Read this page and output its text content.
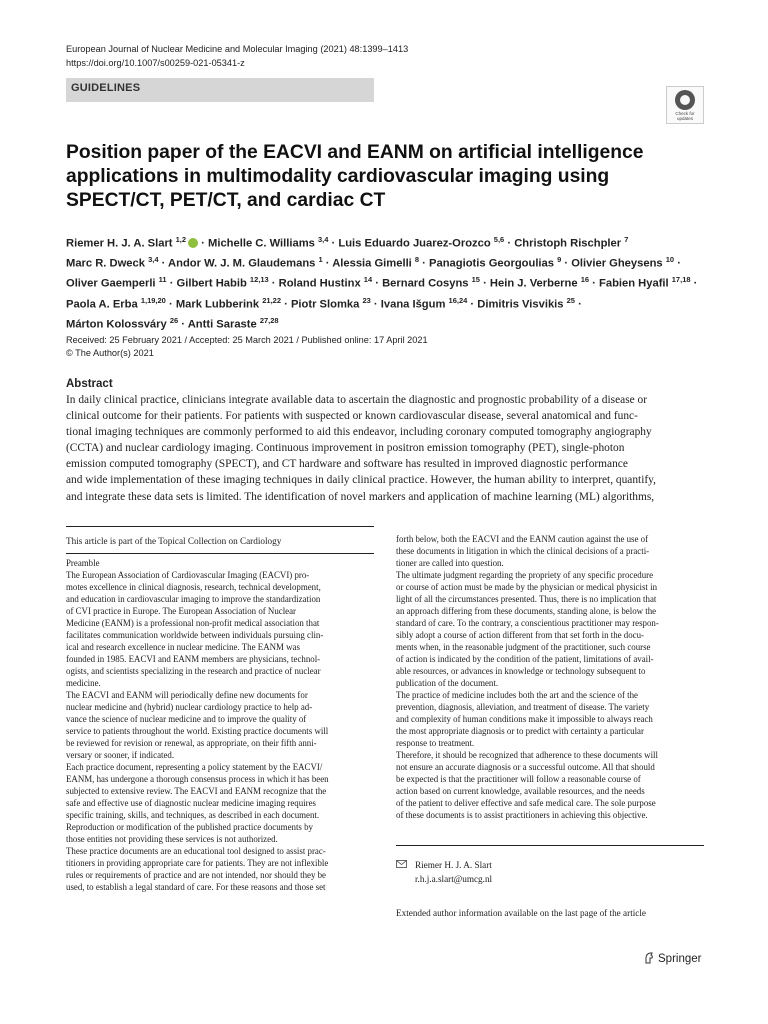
European Journal of Nuclear Medicine and Molecular Imaging (2021) 48:1399–1413
https://doi.org/10.1007/s00259-021-05341-z
GUIDELINES
Check for
updates
Position paper of the EACVI and EANM on artificial intelligence
applications in multimodality cardiovascular imaging using
SPECT/CT, PET/CT, and cardiac CT
Riemer H. J. A. Slart $^{1,2}$ · Michelle C. Williams $^{3,4}$ · Luis Eduardo Juarez-Orozco $^{5,6}$ · Christoph Rischpler $^7$
Marc R. Dweck $^{3,4}$ · Andor W. J. M. Glaudemans $^1$ · Alessia Gimelli $^8$ · Panagiotis Georgoulias $^9$ · Olivier Gheysens $^{10}$ ·
Oliver Gaemperli $^{11}$ · Gilbert Habib $^{12,13}$ · Roland Hustinx $^{14}$ · Bernard Cosyns $^{15}$ · Hein J. Verberne $^{16}$ · Fabien Hyafil $^{17,18}$ ·
Paola A. Erba $^{1,19,20}$ · Mark Lubberink $^{21,22}$ · Piotr Slomka $^{23}$ · Ivana Išgum $^{16,24}$ · Dimitris Visvikis $^{25}$ ·
Márton Kolossváry $^{26}$ · Antti Saraste $^{27,28}$
Received: 25 February 2021 / Accepted: 25 March 2021 / Published online: 17 April 2021
© The Author(s) 2021
Abstract
In daily clinical practice, clinicians integrate available data to ascertain the diagnostic and prognostic probability of a disease or
clinical outcome for their patients. For patients with suspected or known cardiovascular disease, several anatomical and func-
tional imaging techniques are commonly performed to aid this endeavor, including coronary computed tomography angiography
(CCTA) and nuclear cardiology imaging. Continuous improvement in positron emission tomography (PET), single-photon
emission computed tomography (SPECT), and CT hardware and software has resulted in improved diagnostic performance
and wide implementation of these imaging techniques in daily clinical practice. However, the human ability to interpret, quantify,
and integrate these data sets is limited. The identification of novel markers and application of machine learning (ML) algorithms,
This article is part of the Topical Collection on Cardiology
Preamble
The European Association of Cardiovascular Imaging (EACVI) pro-
motes excellence in clinical diagnosis, research, technical development,
and education in cardiovascular imaging to improve the standardization
of CVI practice in Europe. The European Association of Nuclear
Medicine (EANM) is a professional non-profit medical association that
facilitates communication worldwide between individuals pursuing clin-
ical and research excellence in nuclear medicine. The EANM was
founded in 1985. EACVI and EANM members are physicians, technol-
ogists, and scientists specializing in the research and practice of nuclear
medicine.
The EACVI and EANM will periodically define new documents for
nuclear medicine and (hybrid) nuclear cardiology practice to help ad-
vance the science of nuclear medicine and to improve the quality of
service to patients throughout the world. Existing practice documents will
be reviewed for revision or renewal, as appropriate, on their fifth anni-
versary or sooner, if indicated.
Each practice document, representing a policy statement by the EACVI/
EANM, has undergone a thorough consensus process in which it has been
subjected to extensive review. The EACVI and EANM recognize that the
safe and effective use of diagnostic nuclear medicine imaging requires
specific training, skills, and techniques, as described in each document.
Reproduction or modification of the published practice documents by
those entities not providing these services is not authorized.
These practice documents are an educational tool designed to assist prac-
titioners in providing appropriate care for patients. They are not inflexible
rules or requirements of practice and are not intended, nor should they be
used, to establish a legal standard of care. For these reasons and those set
forth below, both the EACVI and the EANM caution against the use of
these documents in litigation in which the clinical decisions of a practi-
tioner are called into question.
The ultimate judgment regarding the propriety of any specific procedure
or course of action must be made by the physician or medical physicist in
light of all the circumstances presented. Thus, there is no implication that
an approach differing from these documents, standing alone, is below the
standard of care. To the contrary, a conscientious practitioner may respon-
sibly adopt a course of action different from that set forth in the docu-
ments when, in the reasonable judgment of the practitioner, such course
of action is indicated by the condition of the patient, limitations of avail-
able resources, or advances in knowledge or technology subsequent to
publication of the document.
The practice of medicine includes both the art and the science of the
prevention, diagnosis, alleviation, and treatment of disease. The variety
and complexity of human conditions make it impossible to always reach
the most appropriate diagnosis or to predict with certainty a particular
response to treatment.
Therefore, it should be recognized that adherence to these documents will
not ensure an accurate diagnosis or a successful outcome. All that should
be expected is that the practitioner will follow a reasonable course of
action based on current knowledge, available resources, and the needs
of the patient to deliver effective and safe medical care. The sole purpose
of these documents is to assist practitioners in achieving this objective.
Riemer H. J. A. Slart
r.h.j.a.slart@umcg.nl
Extended author information available on the last page of the article
Springer
